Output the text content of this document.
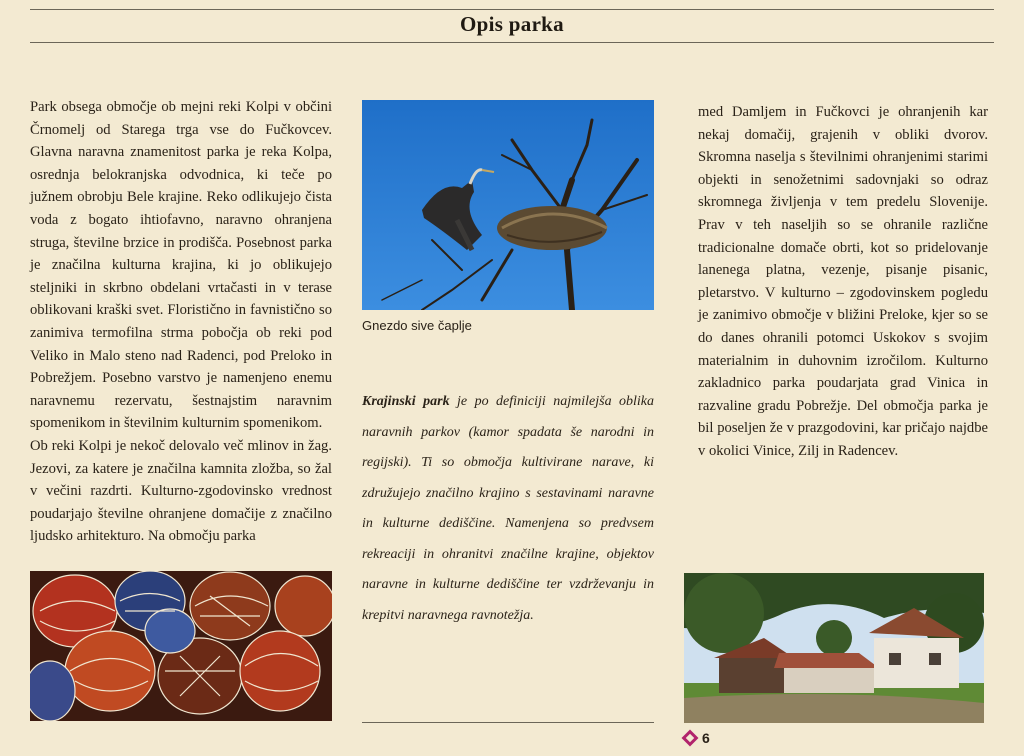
Opis parka

Park obsega območje ob mejni reki Kolpi v občini Črnomelj od Starega trga vse do Fučkovcev. Glavna naravna znamenitost parka je reka Kolpa, osrednja belokranjska odvodnica, ki teče po južnem obrobju Bele krajine. Reko odlikujejo čista voda z bogato ihtiofavno, naravno ohranjena struga, številne brzice in prodišča. Posebnost parka je značilna kulturna krajina, ki jo oblikujejo steljniki in skrbno obdelani vrtačasti in v terase oblikovani kraški svet. Floristično in favnistično so zanimiva termofilna strma pobočja ob reki pod Veliko in Malo steno nad Radenci, pod Preloko in Pobrežjem. Posebno varstvo je namenjeno enemu naravnemu rezervatu, šestnajstim naravnim spomenikom in številnim kulturnim spomenikom.

Ob reki Kolpi je nekoč delovalo več mlinov in žag. Jezovi, za katere je značilna kamnita zložba, so žal v večini razdrti. Kulturno-zgodovinsko vrednost poudarjajo številne ohranjene domačije z značilno ljudsko arhitekturo. Na območju parka

Gnezdo sive čaplje
Krajinski park je po definiciji najmilejša oblika naravnih parkov (kamor spadata še narodni in regijski). Ti so območja kultivirane narave, ki združujejo značilno krajino s sestavinami naravne in kulturne dediščine. Namenjena so predvsem rekreaciji in ohranitvi značilne krajine, objektov naravne in kulturne dediščine ter vzdrževanju in krepitvi naravnega ravnotežja.

med Damljem in Fučkovci je ohranjenih kar nekaj domačij, grajenih v obliki dvorov. Skromna naselja s številnimi ohranjenimi starimi objekti in senožetnimi sadovnjaki so odraz skromnega življenja v tem predelu Slovenije. Prav v teh naseljih so se ohranile različne tradicionalne domače obrti, kot so pridelovanje lanenega platna, vezenje, pisanje pisanic, pletarstvo. V kulturno – zgodovinskem pogledu je zanimivo območje v bližini Preloke, kjer so se do danes ohranili potomci Uskokov s svojim materialnim in duhovnim izročilom. Kulturno zakladnico parka poudarjata grad Vinica in razvaline gradu Pobrežje. Del območja parka je bil poseljen že v prazgodovini, kar pričajo najdbe v okolici Vinice, Zilj in Radencev.

6
